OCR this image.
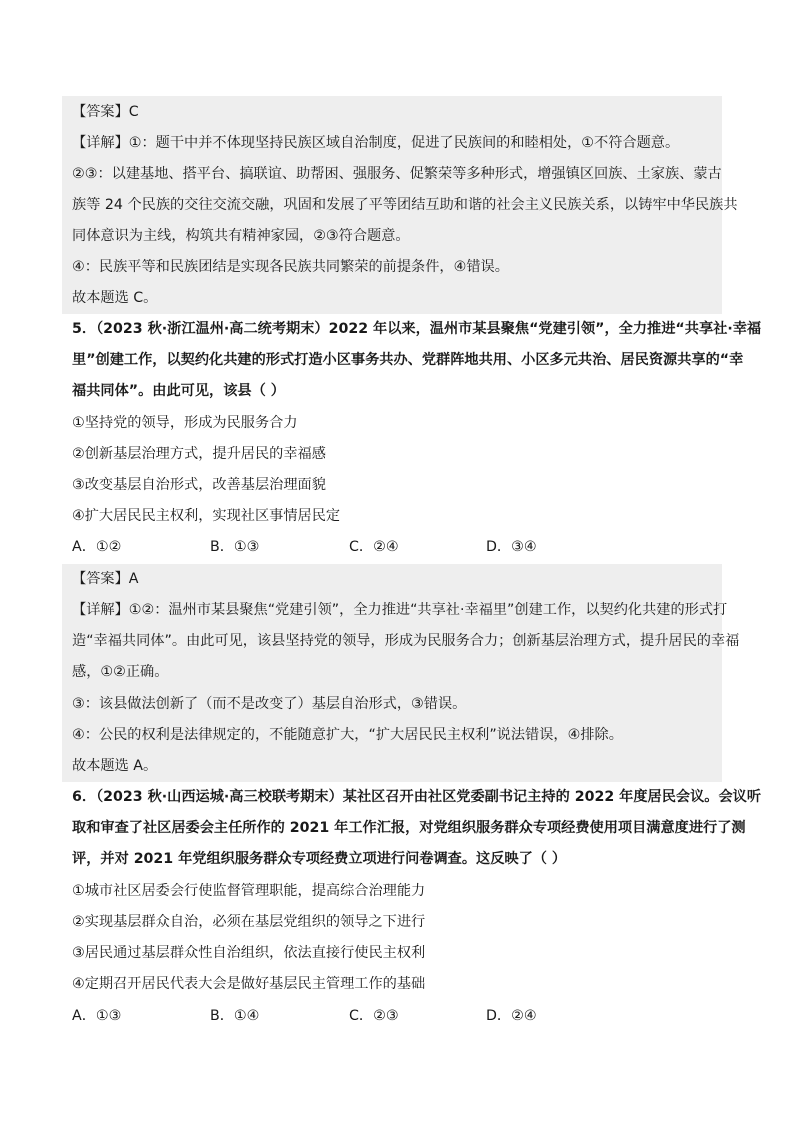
【答案】C
【详解】①：题干中并不体现坚持民族区域自治制度，促进了民族间的和睦相处，①不符合题意。
②③：以建基地、搭平台、搞联谊、助帮困、强服务、促繁荣等多种形式，增强镇区回族、土家族、蒙古
族等 24 个民族的交往交流交融，巩固和发展了平等团结互助和谐的社会主义民族关系，以铸牢中华民族共
同体意识为主线，构筑共有精神家园，②③符合题意。
④：民族平等和民族团结是实现各民族共同繁荣的前提条件，④错误。
故本题选 C。
5．（2023 秋·浙江温州·高二统考期末）2022 年以来，温州市某县聚焦“党建引领”，全力推进“共享社·幸福
里”创建工作，以契约化共建的形式打造小区事务共办、党群阵地共用、小区多元共治、居民资源共享的“幸
福共同体”。由此可见，该县（ ）
①坚持党的领导，形成为民服务合力
②创新基层治理方式，提升居民的幸福感
③改变基层自治形式，改善基层治理面貌
④扩大居民民主权利，实现社区事情居民定
A．①②	B．①③	C．②④	D．③④
【答案】A
【详解】①②：温州市某县聚焦“党建引领”，全力推进“共享社·幸福里”创建工作，以契约化共建的形式打
造“幸福共同体”。由此可见，该县坚持党的领导，形成为民服务合力；创新基层治理方式，提升居民的幸福
感，①②正确。
③：该县做法创新了（而不是改变了）基层自治形式，③错误。
④：公民的权利是法律规定的，不能随意扩大，“扩大居民民主权利”说法错误，④排除。
故本题选 A。
6．（2023 秋·山西运城·高三校联考期末）某社区召开由社区党委副书记主持的 2022 年度居民会议。会议听
取和审查了社区居委会主任所作的 2021 年工作汇报，对党组织服务群众专项经费使用项目满意度进行了测
评，并对 2021 年党组织服务群众专项经费立项进行问卷调查。这反映了（ ）
①城市社区居委会行使监督管理职能，提高综合治理能力
②实现基层群众自治，必须在基层党组织的领导之下进行
③居民通过基层群众性自治组织，依法直接行使民主权利
④定期召开居民代表大会是做好基层民主管理工作的基础
A．①③	B．①④	C．②③	D．②④
